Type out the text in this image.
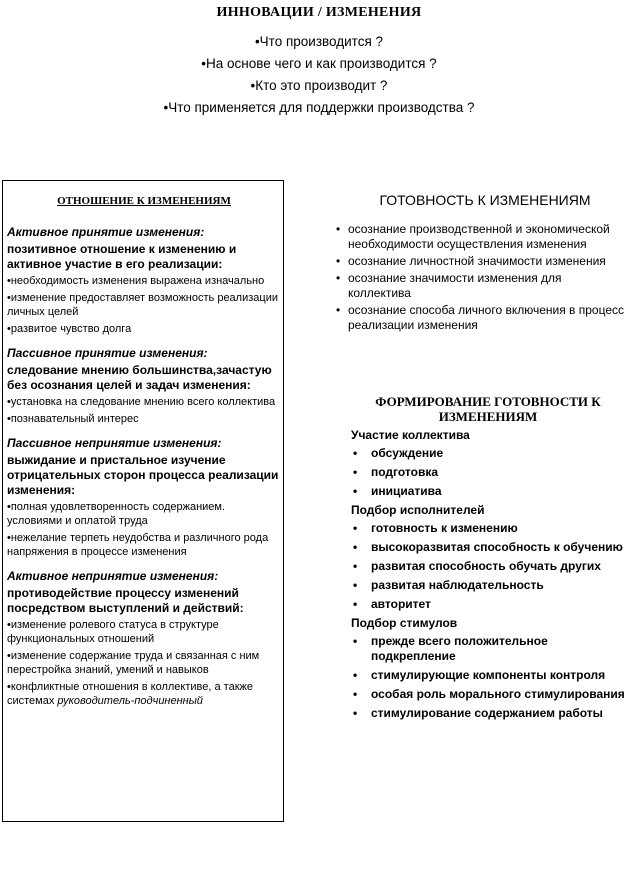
ИННОВАЦИИ / ИЗМЕНЕНИЯ
•Что производится ?
•На основе чего и как производится ?
•Кто это производит ?
•Что применяется для поддержки производства ?
ОТНОШЕНИЕ К ИЗМЕНЕНИЯМ
Активное принятие изменения:
позитивное отношение к изменению и активное участие в его реализации:
•необходимость изменения выражена изначально
•изменение предоставляет возможность реализации личных целей
•развитое чувство долга
Пассивное принятие изменения:
следование мнению большинства,зачастую без осознания целей и задач изменения:
•установка на следование мнению всего коллектива
•познавательный интерес
Пассивное непринятие изменения:
выжидание и пристальное изучение отрицательных сторон процесса реализации изменения:
•полная удовлетворенность содержанием. условиями и оплатой труда
•нежелание терпеть неудобства и различного рода напряжения в процессе изменения
Активное непринятие изменения:
противодействие процессу изменений посредством выступлений и действий:
•изменение ролевого статуса в структуре функциональных отношений
•изменение содержание труда и связанная с ним перестройка знаний, умений и навыков
•конфликтные отношения в коллективе, а также системах руководитель-подчиненный
ГОТОВНОСТЬ К ИЗМЕНЕНИЯМ
• осознание производственной и экономической необходимости осуществления изменения
• осознание личностной значимости изменения
• осознание значимости изменения для коллектива
• осознание способа личного включения в процесс реализации изменения
ФОРМИРОВАНИЕ ГОТОВНОСТИ К ИЗМЕНЕНИЯМ
Участие коллектива
• обсуждение
• подготовка
• инициатива
Подбор исполнителей
• готовность к изменению
• высокоразвитая способность к обучению
• развитая способность обучать других
• развитая наблюдательность
• авторитет
Подбор стимулов
• прежде всего положительное подкрепление
• стимулирующие компоненты контроля
• особая роль морального стимулирования
• стимулирование содержанием работы
